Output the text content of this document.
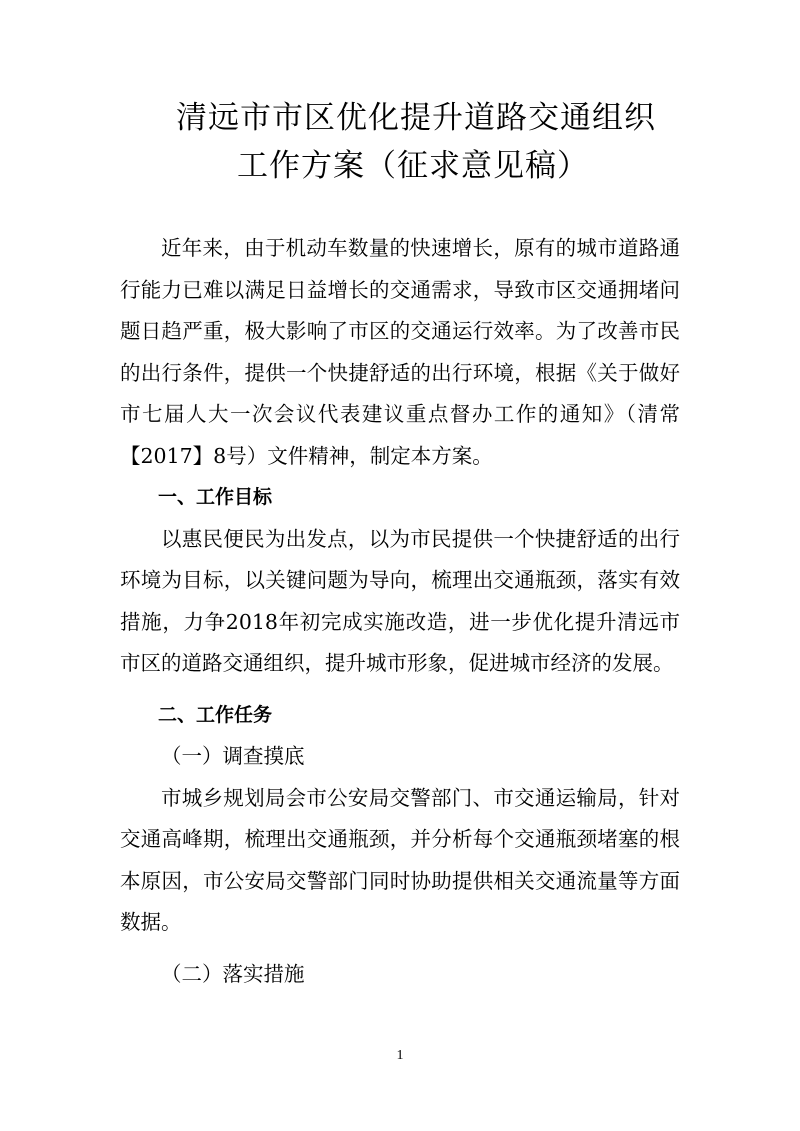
清远市市区优化提升道路交通组织
工作方案（征求意见稿）

近年来，由于机动车数量的快速增长，原有的城市道路通行能力已难以满足日益增长的交通需求，导致市区交通拥堵问题日趋严重，极大影响了市区的交通运行效率。为了改善市民的出行条件，提供一个快捷舒适的出行环境，根据《关于做好市七届人大一次会议代表建议重点督办工作的通知》（清常【2017】8号）文件精神，制定本方案。

一、工作目标

以惠民便民为出发点，以为市民提供一个快捷舒适的出行环境为目标，以关键问题为导向，梳理出交通瓶颈，落实有效措施，力争2018年初完成实施改造，进一步优化提升清远市市区的道路交通组织，提升城市形象，促进城市经济的发展。

二、工作任务

（一）调查摸底

市城乡规划局会市公安局交警部门、市交通运输局，针对交通高峰期，梳理出交通瓶颈，并分析每个交通瓶颈堵塞的根本原因，市公安局交警部门同时协助提供相关交通流量等方面数据。

（二）落实措施

1
